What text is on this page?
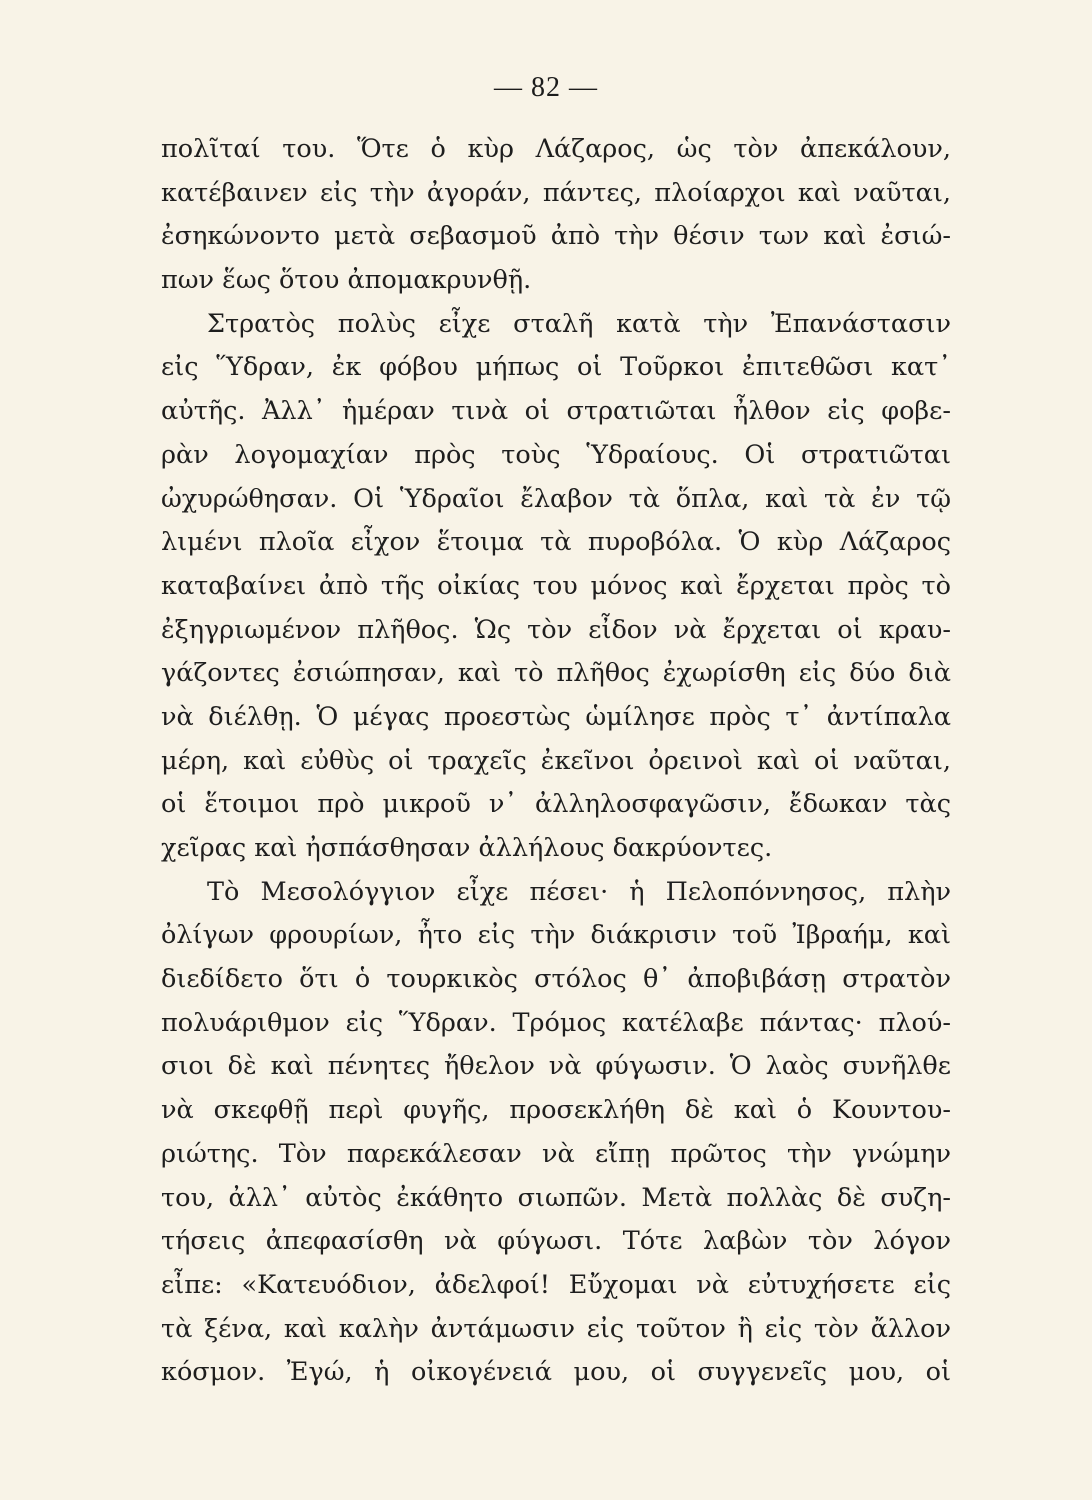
— 82 —
πολῖταί του. Ὅτε ὁ κὺρ Λάζαρος, ὡς τὸν ἀπεκάλουν,
κατέβαινεν εἰς τὴν ἀγοράν, πάντες, πλοίαρχοι καὶ ναῦται,
ἐσηκώνοντο μετὰ σεβασμοῦ ἀπὸ τὴν θέσιν των καὶ ἐσιώ-
πων ἕως ὅτου ἀπομακρυνθῇ.
Στρατὸς πολὺς εἶχε σταλῆ κατὰ τὴν Ἐπανάστασιν
εἰς Ὕδραν, ἐκ φόβου μήπως οἱ Τοῦρκοι ἐπιτεθῶσι κατ᾽
αὐτῆς. Ἀλλ᾽ ἡμέραν τινὰ οἱ στρατιῶται ἦλθον εἰς φοβε-
ρὰν λογομαχίαν πρὸς τοὺς Ὑδραίους. Οἱ στρατιῶται
ὠχυρώθησαν. Οἱ Ὑδραῖοι ἔλαβον τὰ ὅπλα, καὶ τὰ ἐν τῷ
λιμένι πλοῖα εἶχον ἕτοιμα τὰ πυροβόλα. Ὁ κὺρ Λάζαρος
καταβαίνει ἀπὸ τῆς οἰκίας του μόνος καὶ ἔρχεται πρὸς τὸ
ἐξηγριωμένον πλῆθος. Ὡς τὸν εἶδον νὰ ἔρχεται οἱ κραυ-
γάζοντες ἐσιώπησαν, καὶ τὸ πλῆθος ἐχωρίσθη εἰς δύο διὰ
νὰ διέλθῃ. Ὁ μέγας προεστὼς ὡμίλησε πρὸς τ᾽ ἀντίπαλα
μέρη, καὶ εὐθὺς οἱ τραχεῖς ἐκεῖνοι ὀρεινοὶ καὶ οἱ ναῦται,
οἱ ἕτοιμοι πρὸ μικροῦ ν᾽ ἀλληλοσφαγῶσιν, ἔδωκαν τὰς
χεῖρας καὶ ἠσπάσθησαν ἀλλήλους δακρύοντες.
Τὸ Μεσολόγγιον εἶχε πέσει· ἡ Πελοπόννησος, πλὴν
ὀλίγων φρουρίων, ἦτο εἰς τὴν διάκρισιν τοῦ Ἰβραήμ, καὶ
διεδίδετο ὅτι ὁ τουρκικὸς στόλος θ᾽ ἀποβιβάσῃ στρατὸν
πολυάριθμον εἰς Ὕδραν. Τρόμος κατέλαβε πάντας· πλού-
σιοι δὲ καὶ πένητες ἤθελον νὰ φύγωσιν. Ὁ λαὸς συνῆλθε
νὰ σκεφθῇ περὶ φυγῆς, προσεκλήθη δὲ καὶ ὁ Κουντου-
ριώτης. Τὸν παρεκάλεσαν νὰ εἴπῃ πρῶτος τὴν γνώμην
του, ἀλλ᾽ αὐτὸς ἐκάθητο σιωπῶν. Μετὰ πολλὰς δὲ συζη-
τήσεις ἀπεφασίσθη νὰ φύγωσι. Τότε λαβὼν τὸν λόγον
εἶπε: «Κατευόδιον, ἀδελφοί! Εὔχομαι νὰ εὐτυχήσετε εἰς
τὰ ξένα, καὶ καλὴν ἀντάμωσιν εἰς τοῦτον ἢ εἰς τὸν ἄλλον
κόσμον. Ἐγώ, ἡ οἰκογένειά μου, οἱ συγγενεῖς μου, οἱ
